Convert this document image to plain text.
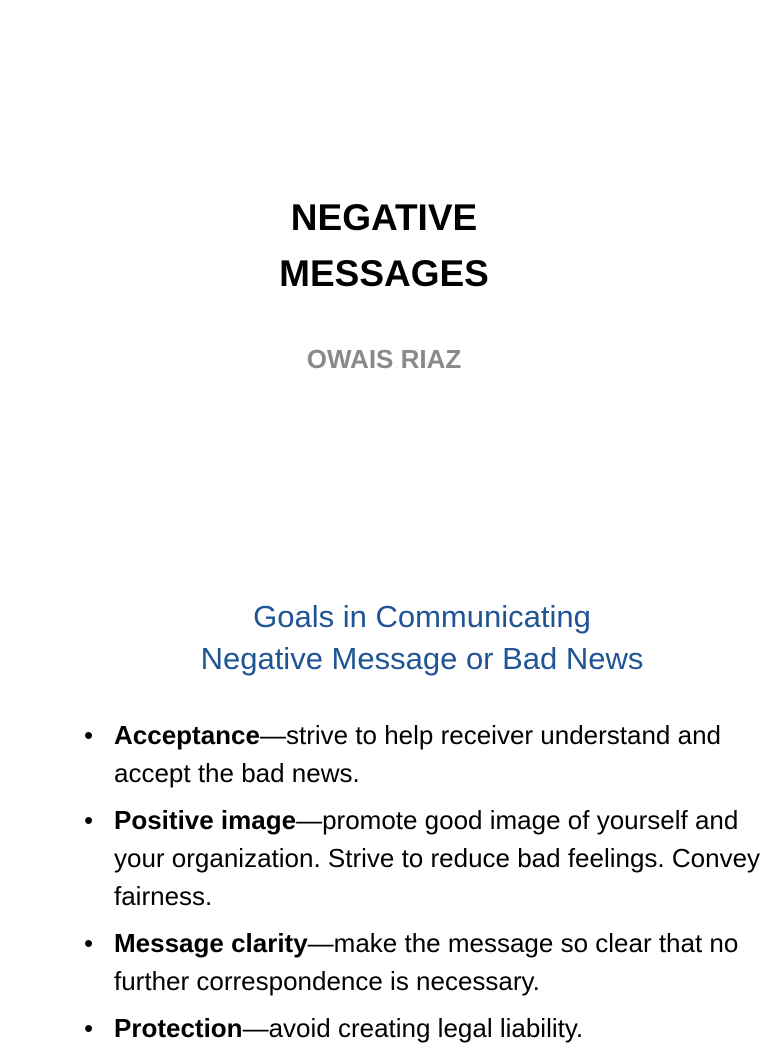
NEGATIVE
MESSAGES
OWAIS RIAZ
Goals in Communicating
Negative Message or Bad News
• Acceptance—strive to help receiver understand and accept the bad news.
• Positive image—promote good image of yourself and your organization. Strive to reduce bad feelings. Convey fairness.
• Message clarity—make the message so clear that no further correspondence is necessary.
• Protection—avoid creating legal liability.
